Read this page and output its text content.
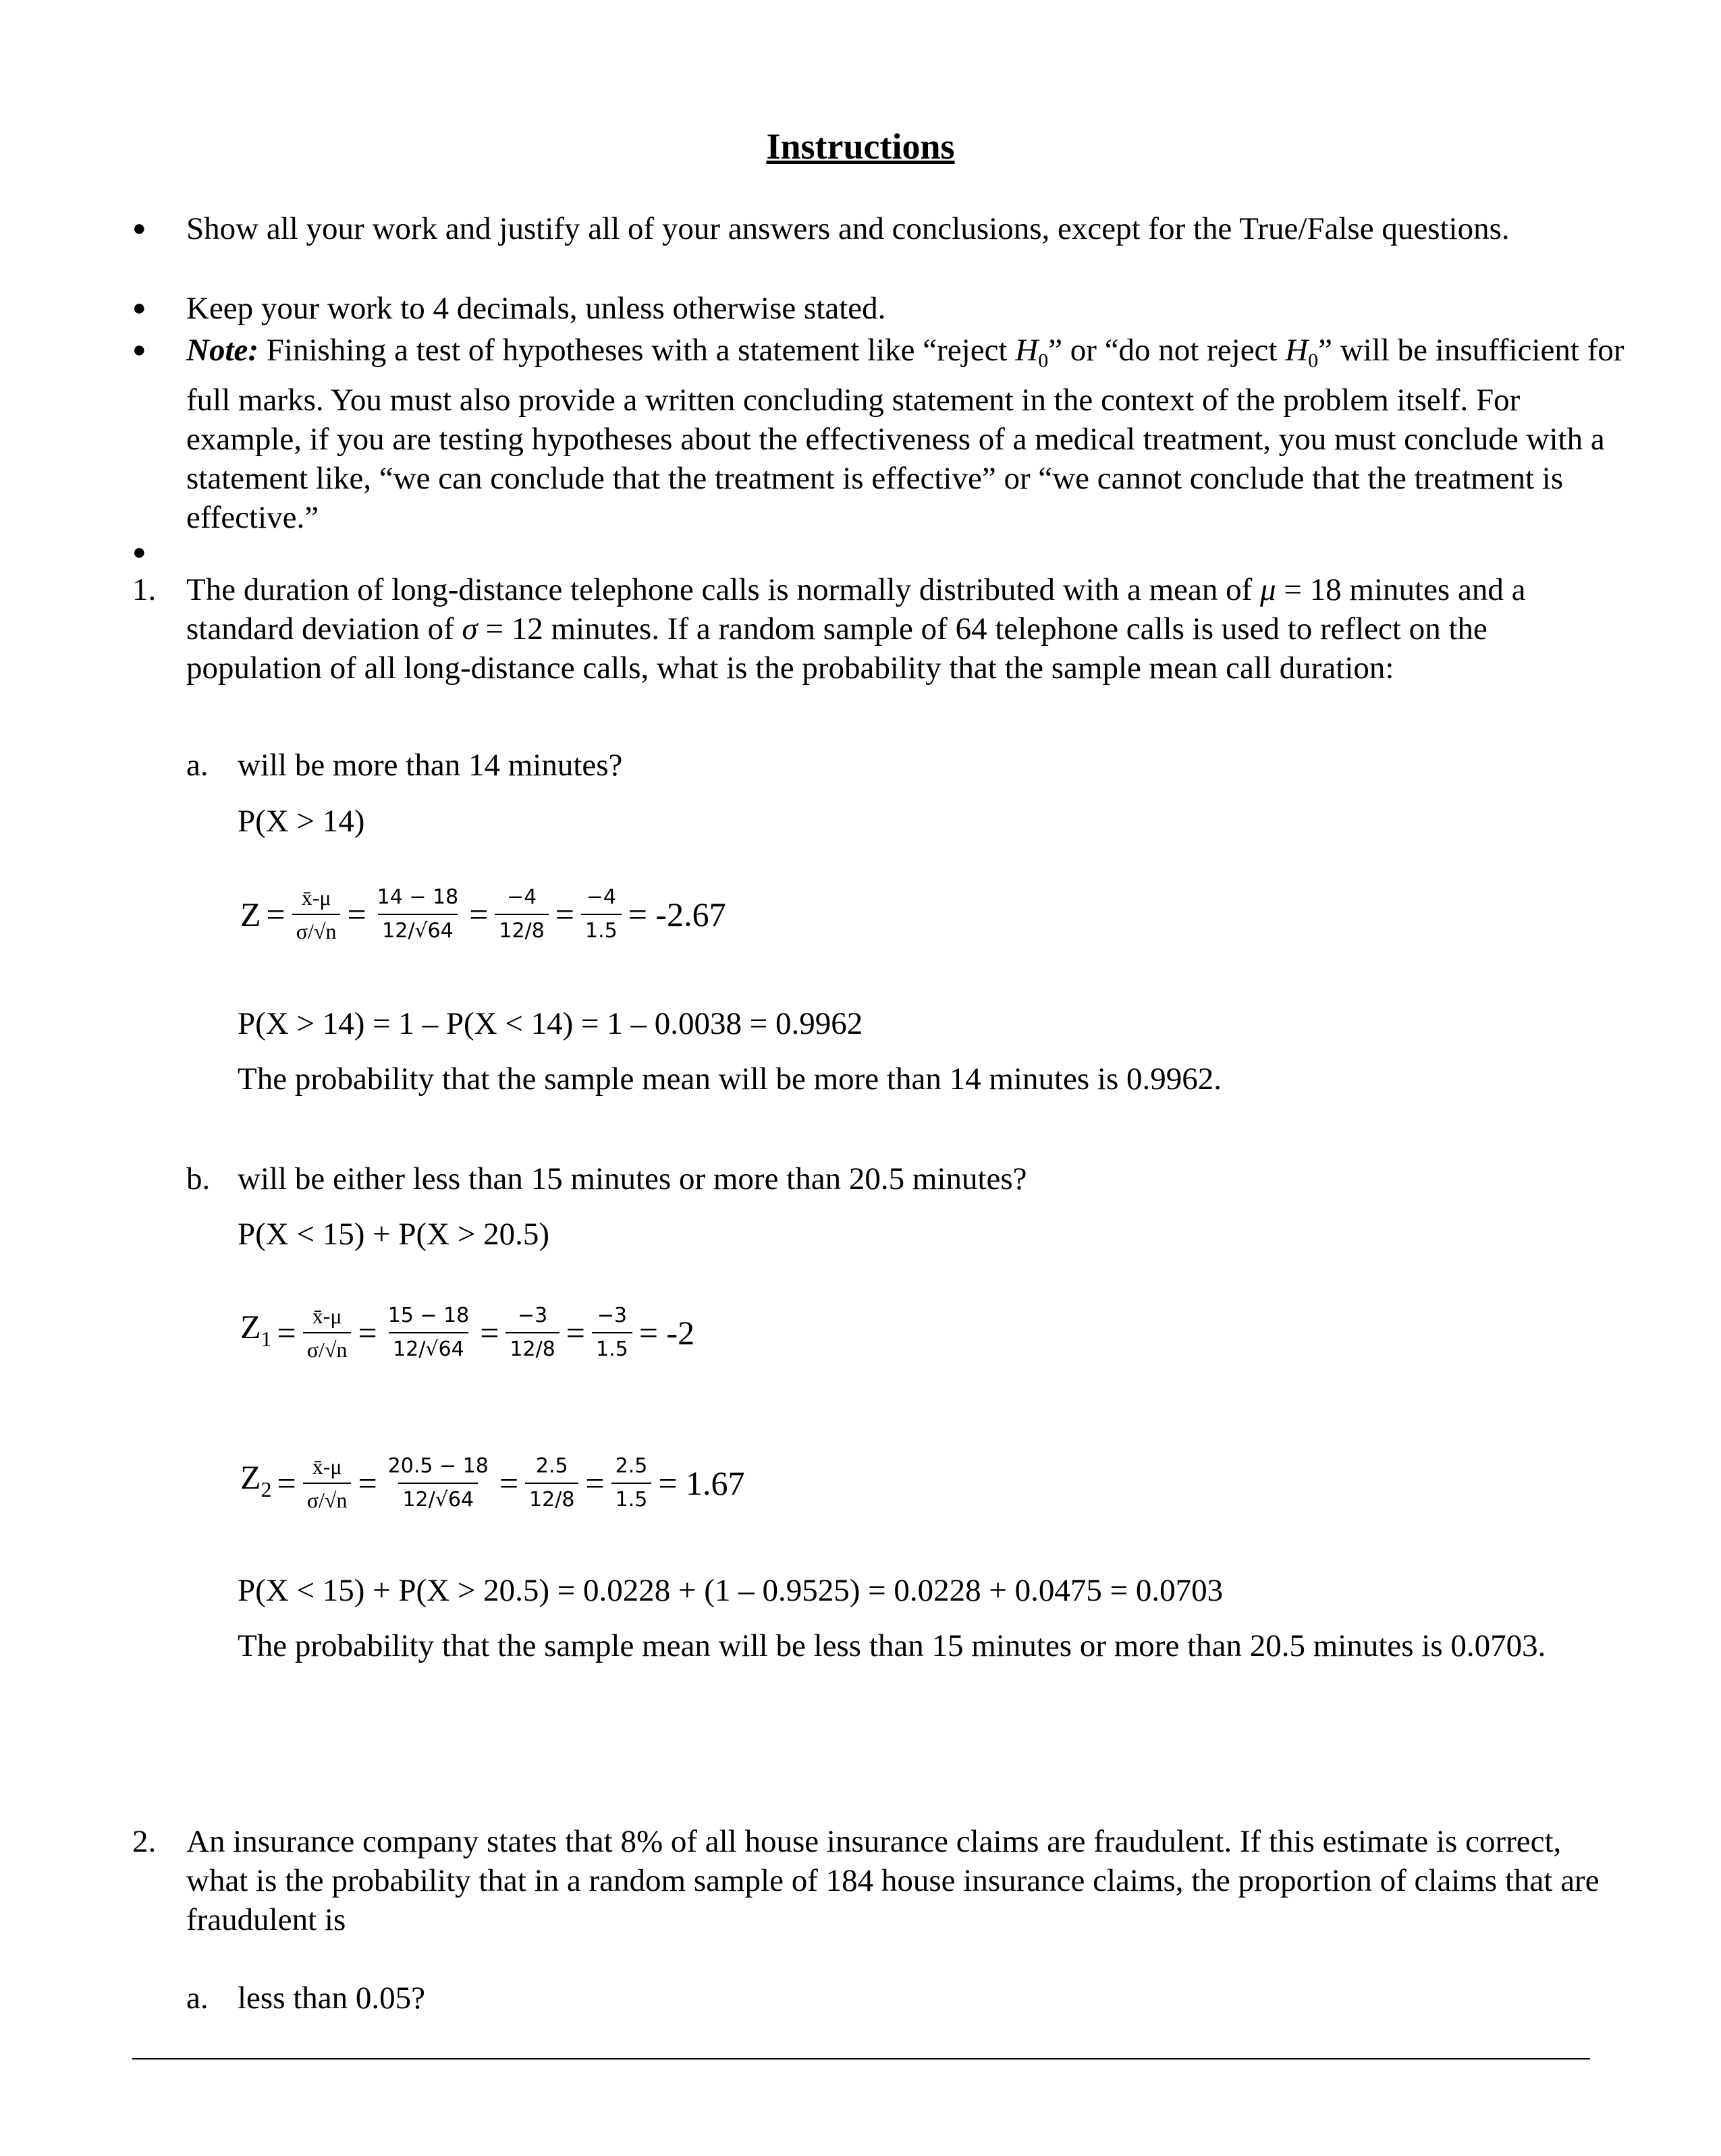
Instructions
● Show all your work and justify all of your answers and conclusions, except for the True/False questions.
● Keep your work to 4 decimals, unless otherwise stated.
● Note: Finishing a test of hypotheses with a statement like “reject $H_0$” or “do not reject $H_0$” will be insufficient for full marks. You must also provide a written concluding statement in the context of the problem itself. For example, if you are testing hypotheses about the effectiveness of a medical treatment, you must conclude with a statement like, “we can conclude that the treatment is effective” or “we cannot conclude that the treatment is effective.”
●
1. The duration of long-distance telephone calls is normally distributed with a mean of μ = 18 minutes and a standard deviation of σ = 12 minutes. If a random sample of 64 telephone calls is used to reflect on the population of all long-distance calls, what is the probability that the sample mean call duration:
a. will be more than 14 minutes?
P(X > 14)
$Z = \frac{x̄-\mu}{\sigma/√n} = \frac{14 - 18}{12/√64} = \frac{-4}{12/8} = \frac{-4}{1.5} = -2.67$
P(X > 14) = 1 – P(X < 14) = 1 – 0.0038 = 0.9962
The probability that the sample mean will be more than 14 minutes is 0.9962.
b. will be either less than 15 minutes or more than 20.5 minutes?
P(X < 15) + P(X > 20.5)
$Z_1 = \frac{x̄-\mu}{\sigma/√n} = \frac{15 - 18}{12/√64} = \frac{-3}{12/8} = \frac{-3}{1.5} = -2$
$Z_2 = \frac{x̄-\mu}{\sigma/√n} = \frac{20.5 - 18}{12/√64} = \frac{2.5}{12/8} = \frac{2.5}{1.5} = 1.67$
P(X < 15) + P(X > 20.5) = 0.0228 + (1 – 0.9525) = 0.0228 + 0.0475 = 0.0703
The probability that the sample mean will be less than 15 minutes or more than 20.5 minutes is 0.0703.
2. An insurance company states that 8% of all house insurance claims are fraudulent. If this estimate is correct, what is the probability that in a random sample of 184 house insurance claims, the proportion of claims that are fraudulent is
a. less than 0.05?
